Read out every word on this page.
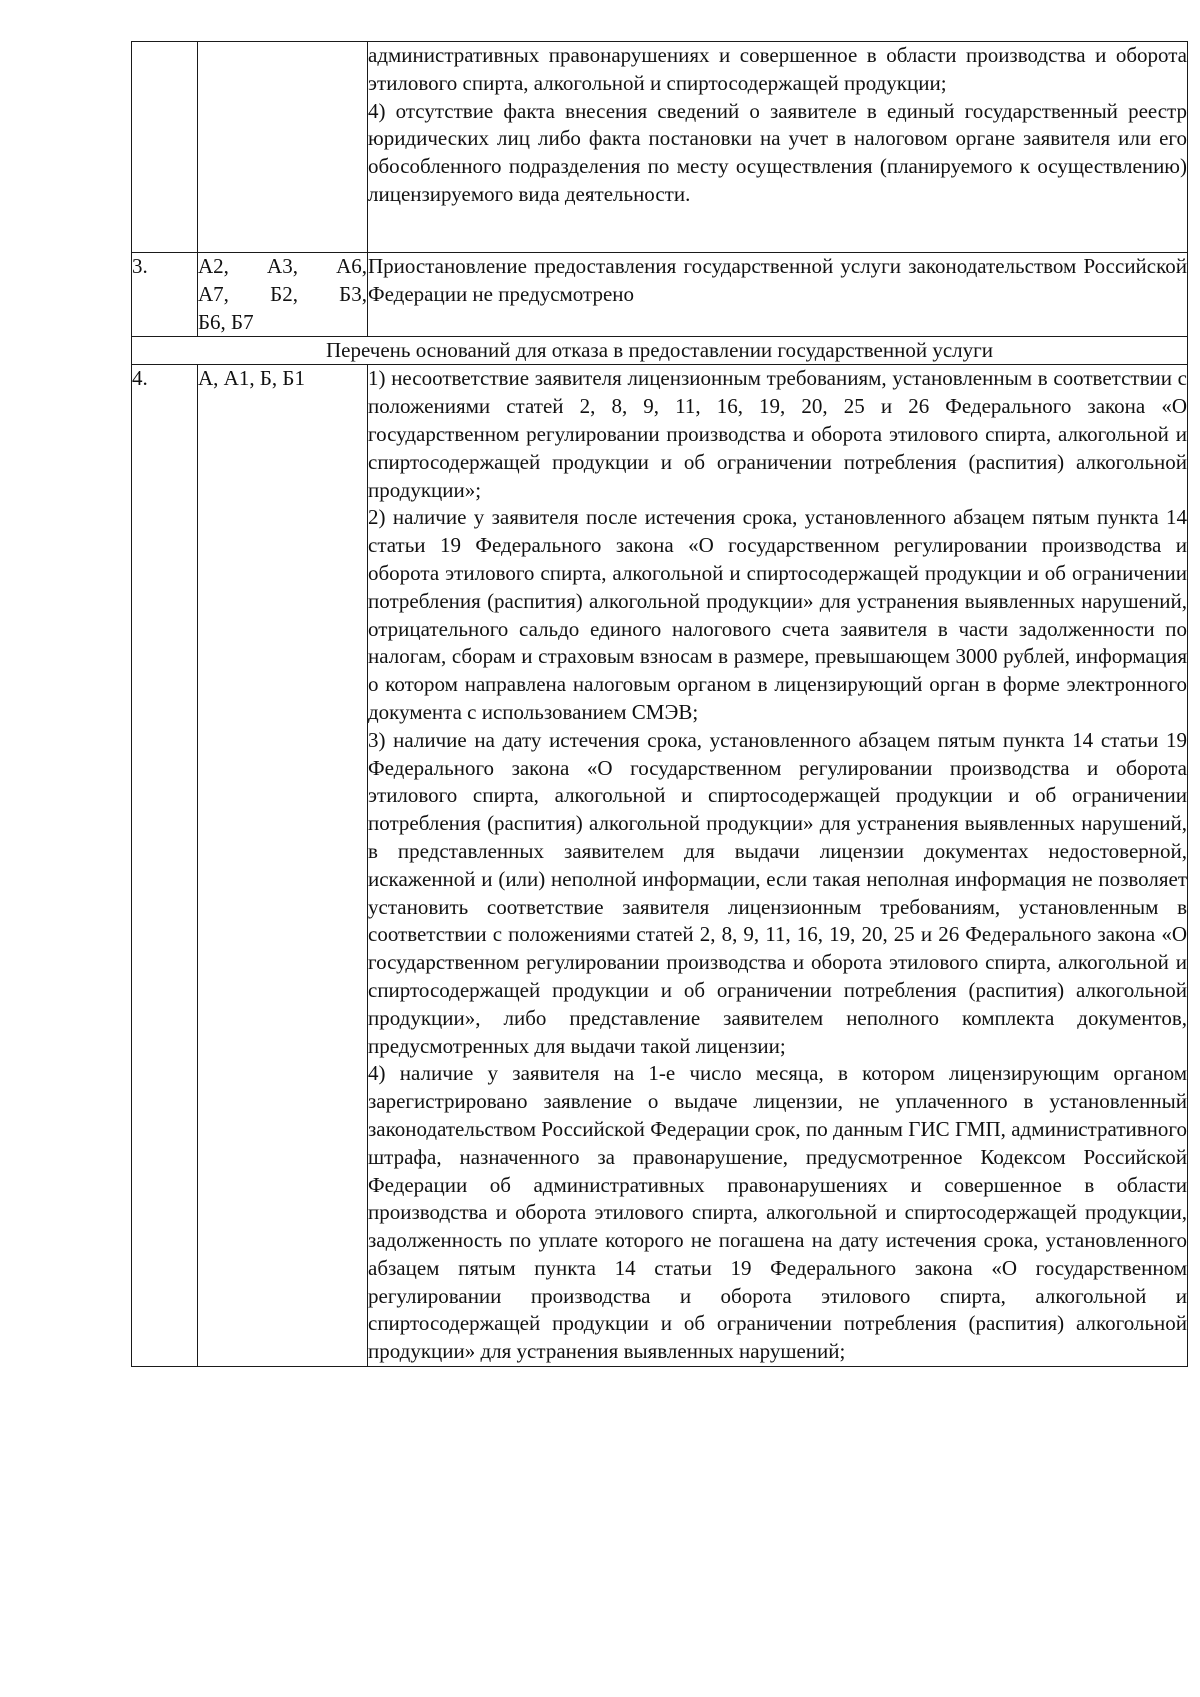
		административных правонарушениях и совершенное в области производства и оборота этилового спирта, алкогольной и спиртосодержащей продукции;

4) отсутствие факта внесения сведений о заявителе в единый государственный реестр юридических лиц либо факта постановки на учет в налоговом органе заявителя или его обособленного подразделения по месту осуществления (планируемого к осуществлению) лицензируемого вида деятельности.

3.	А2, А3, А6,
А7, Б2, Б3,
Б6, Б7	Приостановление предоставления государственной услуги законодательством Российской Федерации не предусмотрено

Перечень оснований для отказа в предоставлении государственной услуги		
4.	А, А1, Б, Б1	1) несоответствие заявителя лицензионным требованиям, установленным в соответствии с положениями статей 2, 8, 9, 11, 16, 19, 20, 25 и 26 Федерального закона «О государственном регулировании производства и оборота этилового спирта, алкогольной и спиртосодержащей продукции и об ограничении потребления (распития) алкогольной продукции»;

2) наличие у заявителя после истечения срока, установленного абзацем пятым пункта 14 статьи 19 Федерального закона «О государственном регулировании производства и оборота этилового спирта, алкогольной и спиртосодержащей продукции и об ограничении потребления (распития) алкогольной продукции» для устранения выявленных нарушений, отрицательного сальдо единого налогового счета заявителя в части задолженности по налогам, сборам и страховым взносам в размере, превышающем 3000 рублей, информация о котором направлена налоговым органом в лицензирующий орган в форме электронного документа с использованием СМЭВ;

3) наличие на дату истечения срока, установленного абзацем пятым пункта 14 статьи 19 Федерального закона «О государственном регулировании производства и оборота этилового спирта, алкогольной и спиртосодержащей продукции и об ограничении потребления (распития) алкогольной продукции» для устранения выявленных нарушений, в представленных заявителем для выдачи лицензии документах недостоверной, искаженной и (или) неполной информации, если такая неполная информация не позволяет установить соответствие заявителя лицензионным требованиям, установленным в соответствии с положениями статей 2, 8, 9, 11, 16, 19, 20, 25 и 26 Федерального закона «О государственном регулировании производства и оборота этилового спирта, алкогольной и спиртосодержащей продукции и об ограничении потребления (распития) алкогольной продукции», либо представление заявителем неполного комплекта документов, предусмотренных для выдачи такой лицензии;

4) наличие у заявителя на 1-е число месяца, в котором лицензирующим органом зарегистрировано заявление о выдаче лицензии, не уплаченного в установленный законодательством Российской Федерации срок, по данным ГИС ГМП, административного штрафа, назначенного за правонарушение, предусмотренное Кодексом Российской Федерации об административных правонарушениях и совершенное в области производства и оборота этилового спирта, алкогольной и спиртосодержащей продукции, задолженность по уплате которого не погашена на дату истечения срока, установленного абзацем пятым пункта 14 статьи 19 Федерального закона «О государственном регулировании производства и оборота этилового спирта, алкогольной и спиртосодержащей продукции и об ограничении потребления (распития) алкогольной продукции» для устранения выявленных нарушений;
